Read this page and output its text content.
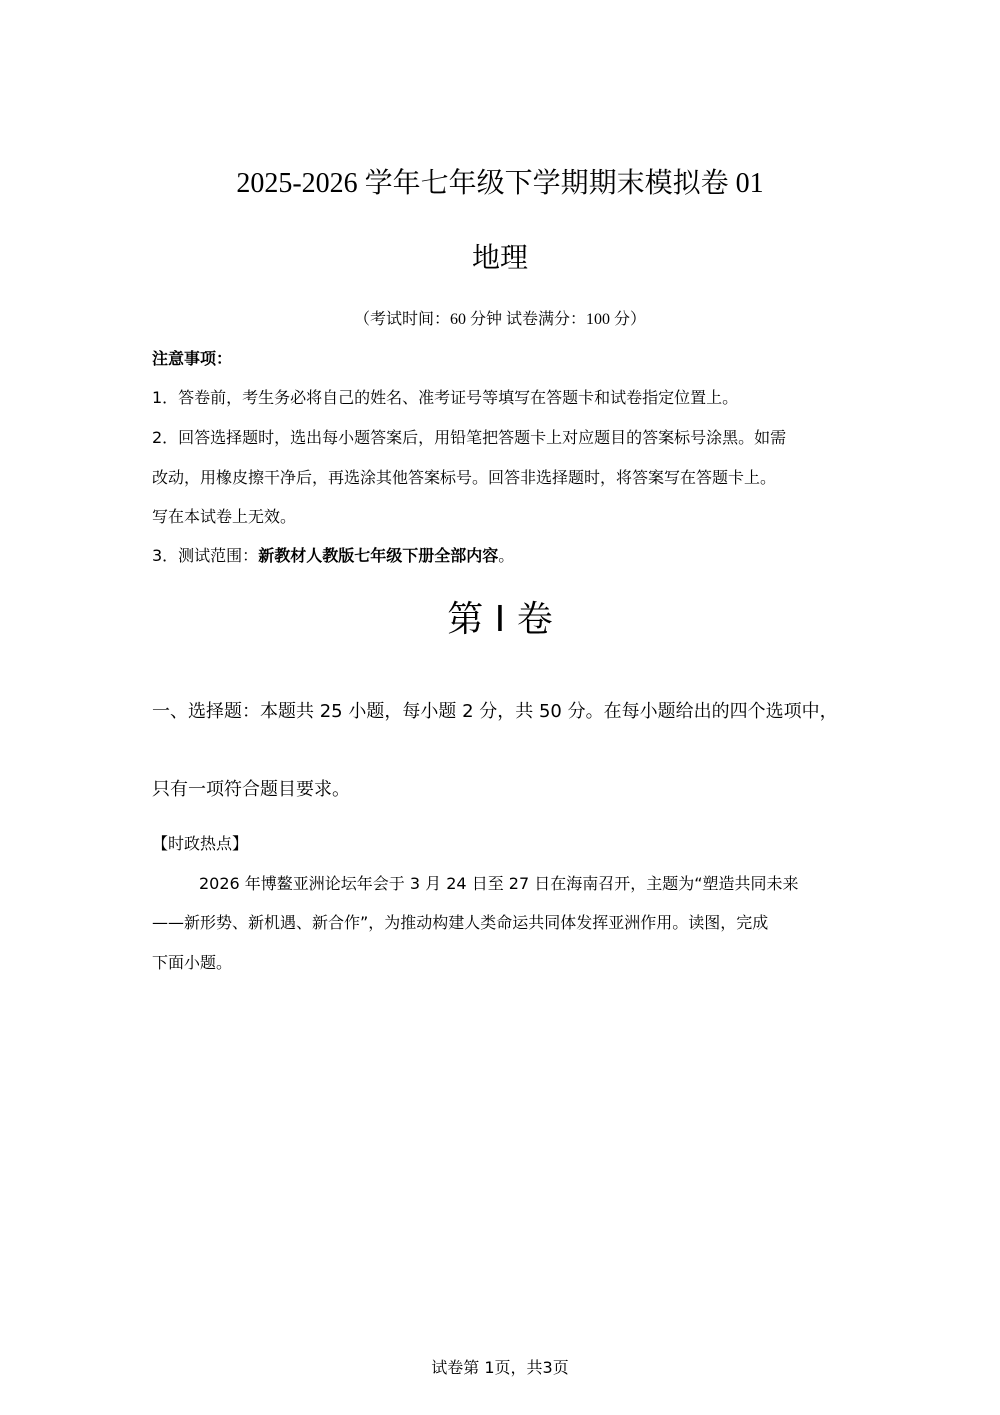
2025-2026 学年七年级下学期期末模拟卷 01
地理
（考试时间：60 分钟 试卷满分：100 分）
注意事项：
1．答卷前，考生务必将自己的姓名、准考证号等填写在答题卡和试卷指定位置上。
2．回答选择题时，选出每小题答案后，用铅笔把答题卡上对应题目的答案标号涂黑。如需
改动，用橡皮擦干净后，再选涂其他答案标号。回答非选择题时，将答案写在答题卡上。
写在本试卷上无效。
3．测试范围：新教材人教版七年级下册全部内容。
第 I 卷
一、选择题：本题共 25 小题，每小题 2 分，共 50 分。在每小题给出的四个选项中，
只有一项符合题目要求。
【时政热点】
2026 年博鳌亚洲论坛年会于 3 月 24 日至 27 日在海南召开，主题为“塑造共同未来
——新形势、新机遇、新合作”，为推动构建人类命运共同体发挥亚洲作用。读图，完成
下面小题。
试卷第 1页，共3页
